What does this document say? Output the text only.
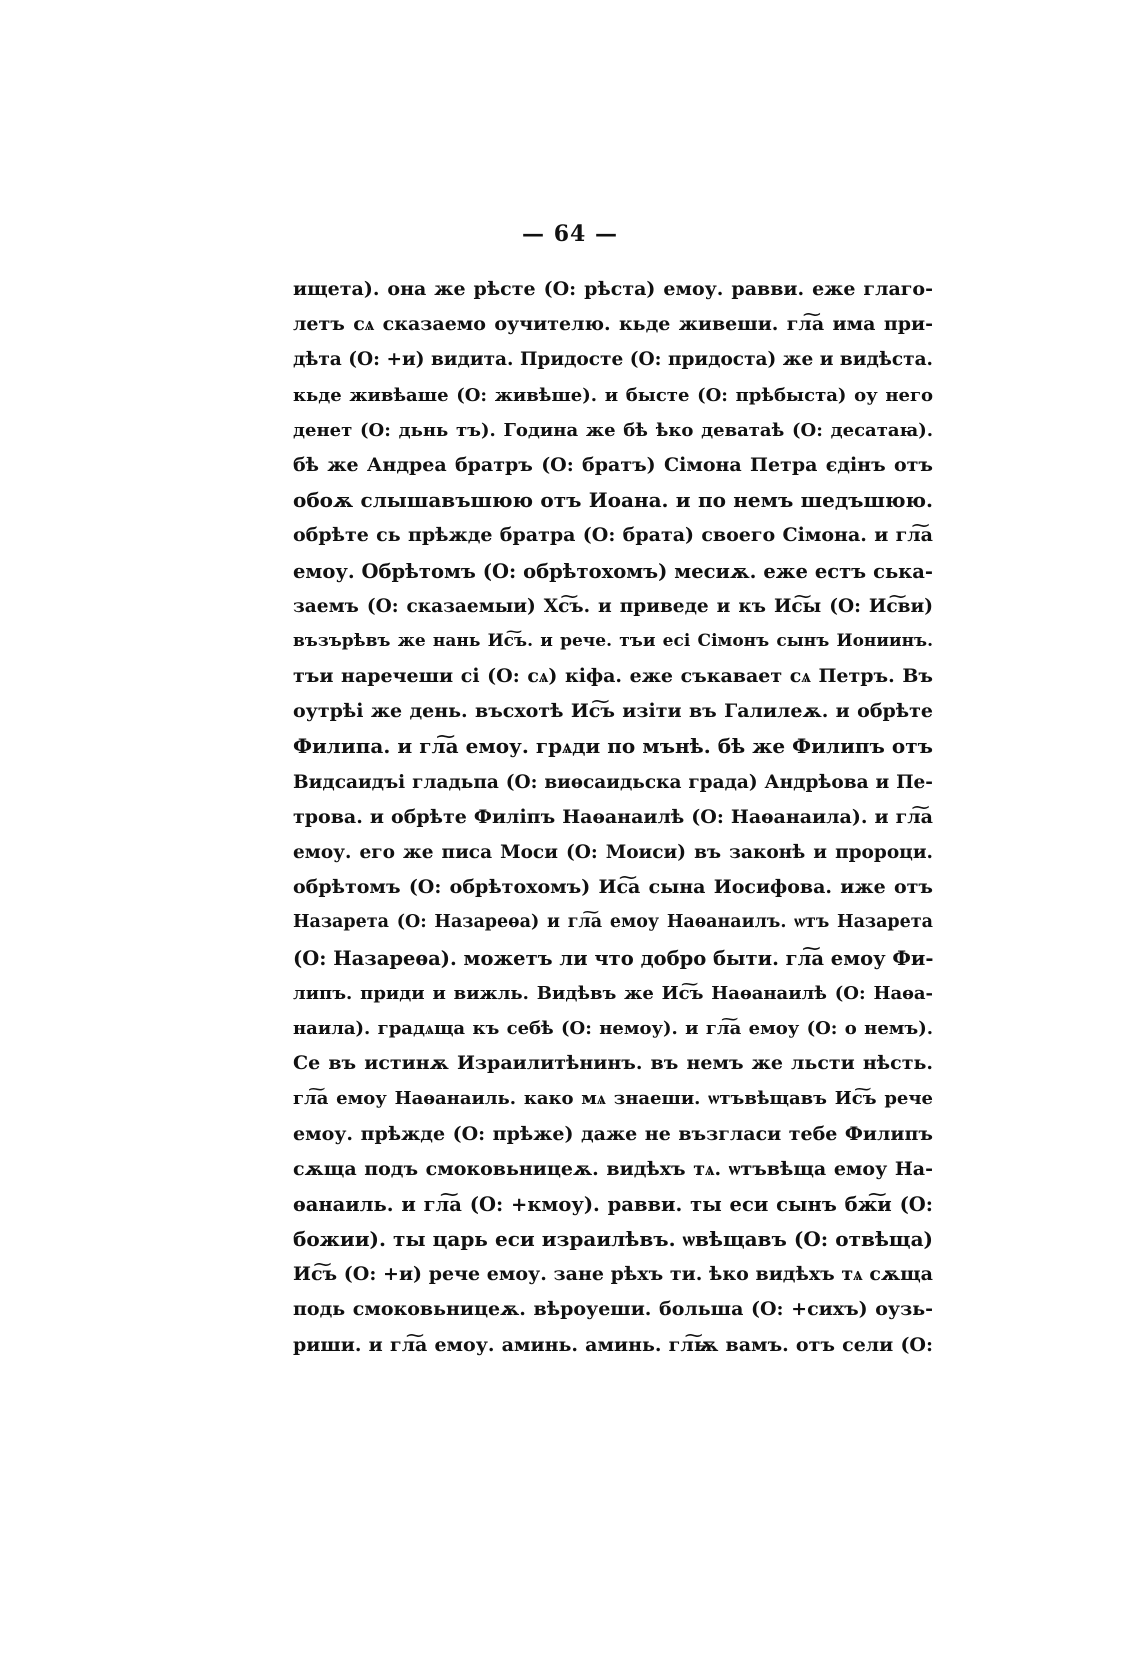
— 64 —
ищета). она же рѣсте (О: рѣста) емоу. равви. еже глаго-
летъ сѧ сказаемо оучителю. кьде живеши. гл͠а има при-
дѣта (О: +и) видита. Придосте (О: придоста) же и видѣста.
кьде живѣаше (О: живѣше). и бысте (О: прѣбыста) оу него
денет (О: дьнь тъ). Година же бѣ ѣко деватаѣ (О: десатаꙗ).
бѣ же Андреа братръ (О: братъ) Сімона Петра єдінъ отъ
обоѫ слышавъшюю отъ Иоана. и по немъ шедъшюю.
обрѣте сь прѣжде братра (О: брата) своего Сімона. и гл͠а
емоу. Обрѣтомъ (О: обрѣтохомъ) месиѫ. еже естъ ська-
заемъ (О: сказаемыи) Хс͠ъ. и приведе и къ Ис͠ы (О: Ис͠ви)
възърѣвъ же нань Ис͠ъ. и рече. тъи есі Сімонъ сынъ Иониинъ.
тъи наречеши сі (О: сѧ) кіфа. еже съкавает сѧ Петръ. Въ
оутрѣі же день. въсхотѣ Ис͠ъ изіти въ Галилеѫ. и обрѣте
Филипа. и гл͠а емоу. грѧди по мънѣ. бѣ же Филипъ отъ
Видсаидъі гладьпа (О: виѳсаидьска града) Андрѣова и Пе-
трова. и обрѣте Филіпъ Наѳанаилѣ (О: Наѳанаила). и гл͠а
емоу. его же писа Моси (О: Моиси) въ законѣ и пророци.
обрѣтомъ (О: обрѣтохомъ) Ис͠а сына Иосифова. иже отъ
Назарета (О: Назареѳа) и гл͠а емоу Наѳанаилъ. ѡтъ Назарета
(О: Назареѳа). можетъ ли что добро быти. гл͠а емоу Фи-
липъ. приди и вижль. Видѣвъ же Ис͠ъ Наѳанаилѣ (О: Наѳа-
наила). градѧща къ себѣ (О: немоу). и гл͠а емоу (О: о немъ).
Се въ истинѫ Израилитѣнинъ. въ немъ же льсти нѣсть.
гл͠а емоу Наѳанаиль. како мѧ знаеши. ѡтъвѣщавъ Ис͠ъ рече
емоу. прѣжде (О: прѣже) даже не възгласи тебе Филипъ
сѫща подъ смоковьницеѫ. видѣхъ тѧ. ѡтъвѣща емоу На-
ѳанаиль. и гл͠а (О: +кмоу). равви. ты еси сынъ бж͠и (О:
божии). ты царь еси израилѣвъ. ѡвѣщавъ (О: отвѣща)
Ис͠ъ (О: +и) рече емоу. зане рѣхъ ти. ѣко видѣхъ тѧ сѫща
подь смоковьницеѫ. вѣроуеши. больша (О: +сихъ) оузь-
риши. и гл͠а емоу. аминь. аминь. гл͠ѭ вамъ. отъ сели (О:
